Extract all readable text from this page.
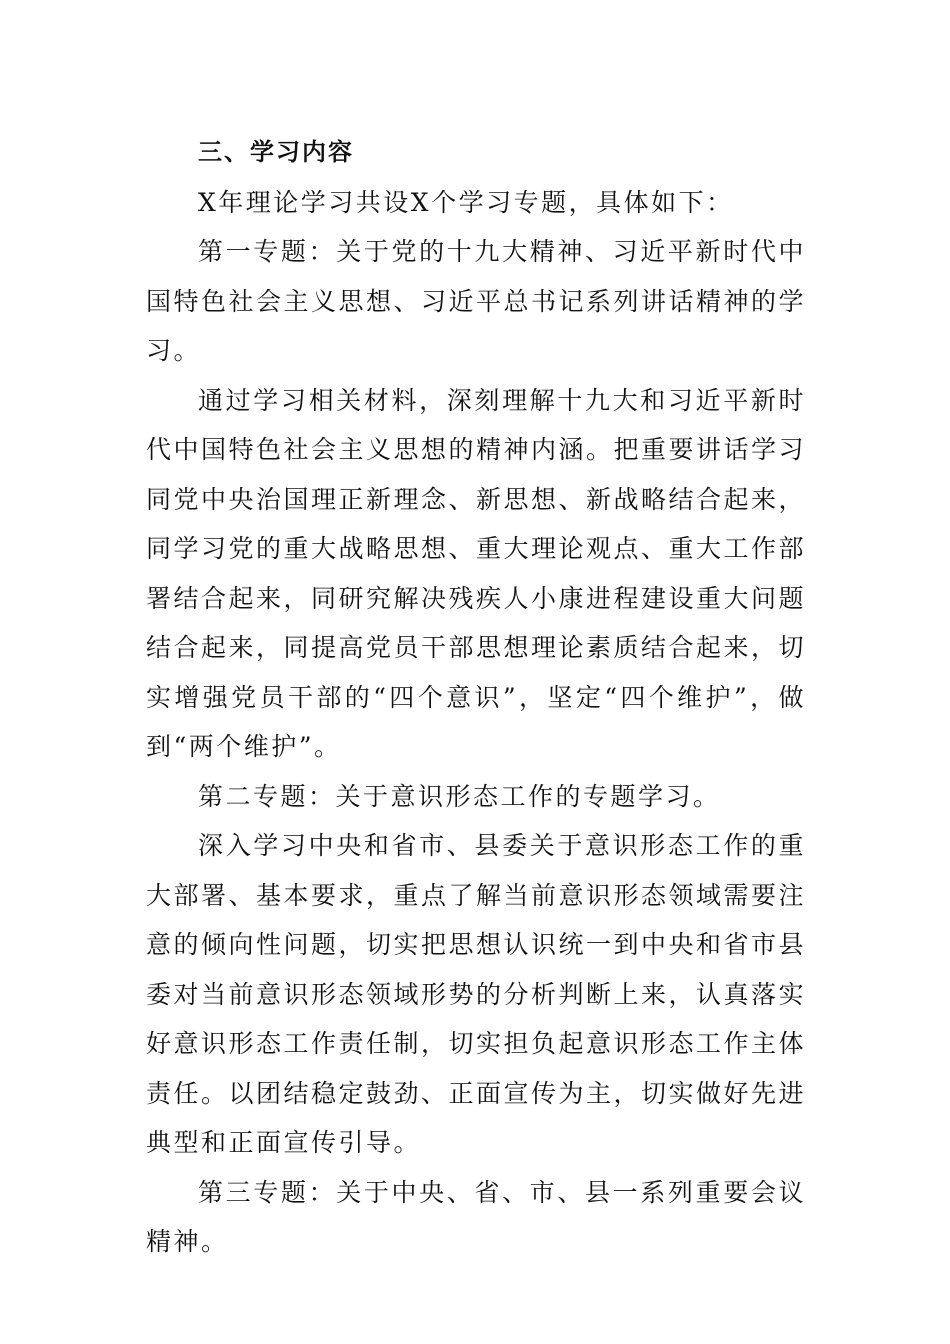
三、学习内容

X年理论学习共设X个学习专题，具体如下：

第一专题：关于党的十九大精神、习近平新时代中国特色社会主义思想、习近平总书记系列讲话精神的学习。

通过学习相关材料，深刻理解十九大和习近平新时代中国特色社会主义思想的精神内涵。把重要讲话学习同党中央治国理正新理念、新思想、新战略结合起来，同学习党的重大战略思想、重大理论观点、重大工作部署结合起来，同研究解决残疾人小康进程建设重大问题结合起来，同提高党员干部思想理论素质结合起来，切实增强党员干部的“四个意识”，坚定“四个维护”，做到“两个维护”。

第二专题：关于意识形态工作的专题学习。

深入学习中央和省市、县委关于意识形态工作的重大部署、基本要求，重点了解当前意识形态领域需要注意的倾向性问题，切实把思想认识统一到中央和省市县委对当前意识形态领域形势的分析判断上来，认真落实好意识形态工作责任制，切实担负起意识形态工作主体责任。以团结稳定鼓劲、正面宣传为主，切实做好先进典型和正面宣传引导。

第三专题：关于中央、省、市、县一系列重要会议精神。
